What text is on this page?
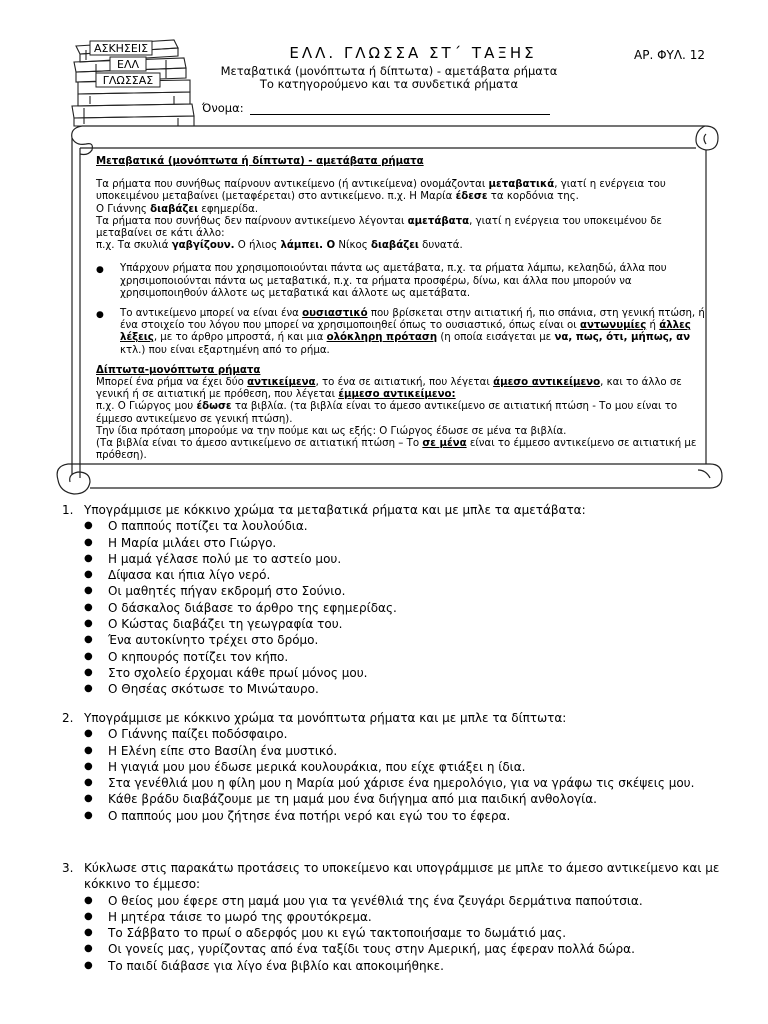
ΑΣΚΗΣΕΙΣ
ΕΛΛ
ΓΛΩΣΣΑΣ
ΕΛΛ. ΓΛΩΣΣΑ ΣΤ΄ ΤΑΞΗΣ	ΑΡ. ΦΥΛ. 12
Μεταβατικά (μονόπτωτα ή δίπτωτα) - αμετάβατα ρήματα
Το κατηγορούμενο και τα συνδετικά ρήματα
Όνομα:

Μεταβατικά (μονόπτωτα ή δίπτωτα) - αμετάβατα ρήματα

Τα ρήματα που συνήθως παίρνουν αντικείμενο (ή αντικείμενα) ονομάζονται μεταβατικά, γιατί η ενέργεια του υποκειμένου μεταβαίνει (μεταφέρεται) στο αντικείμενο. π.χ. Η Μαρία έδεσε τα κορδόνια της.

Ο Γιάννης διαβάζει εφημερίδα.

Τα ρήματα που συνήθως δεν παίρνουν αντικείμενο λέγονται αμετάβατα, γιατί η ενέργεια του υποκειμένου δε μεταβαίνει σε κάτι άλλο:

π.χ. Τα σκυλιά γαβγίζουν. Ο ήλιος λάμπει. Ο Νίκος διαβάζει δυνατά.

●	Υπάρχουν ρήματα που χρησιμοποιούνται πάντα ως αμετάβατα, π.χ. τα ρήματα λάμπω, κελαηδώ, άλλα που χρησιμοποιούνται πάντα ως μεταβατικά, π.χ. τα ρήματα προσφέρω, δίνω, και άλλα που μπορούν να χρησιμοποιηθούν άλλοτε ως μεταβατικά και άλλοτε ως αμετάβατα.
●	Το αντικείμενο μπορεί να είναι ένα ουσιαστικό που βρίσκεται στην αιτιατική ή, πιο σπάνια, στη γενική πτώση, ή ένα στοιχείο του λόγου που μπορεί να χρησιμοποιηθεί όπως το ουσιαστικό, όπως είναι οι αντωνυμίες ή άλλες λέξεις, με το άρθρο μπροστά, ή και μια ολόκληρη πρόταση (η οποία εισάγεται με να, πως, ότι, μήπως, αν κτλ.) που είναι εξαρτημένη από το ρήμα.

Δίπτωτα-μονόπτωτα ρήματα

Μπορεί ένα ρήμα να έχει δύο αντικείμενα, το ένα σε αιτιατική, που λέγεται άμεσο αντικείμενο, και το άλλο σε γενική ή σε αιτιατική με πρόθεση, που λέγεται έμμεσο αντικείμενο:

π.χ. Ο Γιώργος μου έδωσε τα βιβλία. (τα βιβλία είναι το άμεσο αντικείμενο σε αιτιατική πτώση - Το μου είναι το έμμεσο αντικείμενο σε γενική πτώση).

Την ίδια πρόταση μπορούμε να την πούμε και ως εξής: Ο Γιώργος έδωσε σε μένα τα βιβλία.

(Τα βιβλία είναι το άμεσο αντικείμενο σε αιτιατική πτώση – Το σε μένα είναι το έμμεσο αντικείμενο σε αιτιατική με πρόθεση).

1. Υπογράμμισε με κόκκινο χρώμα τα μεταβατικά ρήματα και με μπλε τα αμετάβατα:
●	Ο παππούς ποτίζει τα λουλούδια.
●	Η Μαρία μιλάει στο Γιώργο.
●	Η μαμά γέλασε πολύ με το αστείο μου.
●	Δίψασα και ήπια λίγο νερό.
●	Οι μαθητές πήγαν εκδρομή στο Σούνιο.
●	Ο δάσκαλος διάβασε το άρθρο της εφημερίδας.
●	Ο Κώστας διαβάζει τη γεωγραφία του.
●	Ένα αυτοκίνητο τρέχει στο δρόμο.
●	Ο κηπουρός ποτίζει τον κήπο.
●	Στο σχολείο έρχομαι κάθε πρωί μόνος μου.
●	Ο Θησέας σκότωσε το Μινώταυρο.
2. Υπογράμμισε με κόκκινο χρώμα τα μονόπτωτα ρήματα και με μπλε τα δίπτωτα:
●	Ο Γιάννης παίζει ποδόσφαιρο.
●	Η Ελένη είπε στο Βασίλη ένα μυστικό.
●	Η γιαγιά μου μου έδωσε μερικά κουλουράκια, που είχε φτιάξει η ίδια.
●	Στα γενέθλιά μου η φίλη μου η Μαρία μού χάρισε ένα ημερολόγιο, για να γράφω τις σκέψεις μου.
●	Κάθε βράδυ διαβάζουμε με τη μαμά μου ένα διήγημα από μια παιδική ανθολογία.
●	Ο παππούς μου μου ζήτησε ένα ποτήρι νερό και εγώ του το έφερα.
3. Κύκλωσε στις παρακάτω προτάσεις το υποκείμενο και υπογράμμισε με μπλε το άμεσο αντικείμενο και με κόκκινο το έμμεσο:
●	Ο θείος μου έφερε στη μαμά μου για τα γενέθλιά της ένα ζευγάρι δερμάτινα παπούτσια.
●	Η μητέρα τάισε το μωρό της φρουτόκρεμα.
●	Το Σάββατο το πρωί ο αδερφός μου κι εγώ τακτοποιήσαμε το δωμάτιό μας.
●	Οι γονείς μας, γυρίζοντας από ένα ταξίδι τους στην Αμερική, μας έφεραν πολλά δώρα.
●	Το παιδί διάβασε για λίγο ένα βιβλίο και αποκοιμήθηκε.
